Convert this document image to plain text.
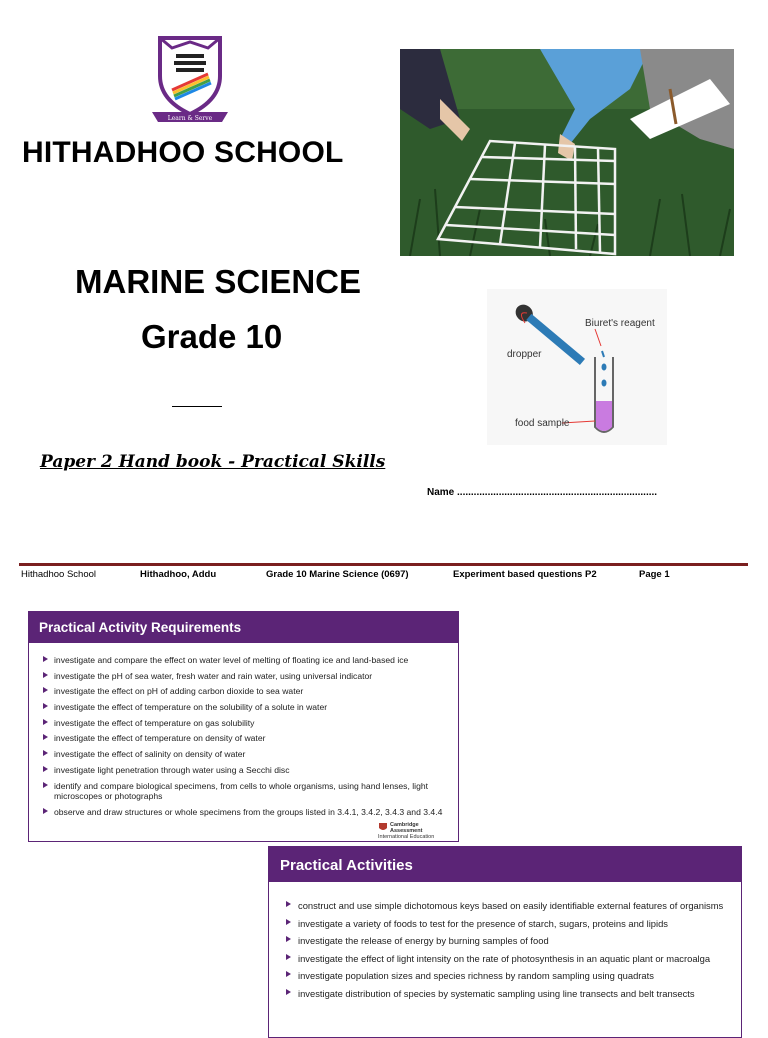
Learn & Serve
HITHADHOO SCHOOL
MARINE SCIENCE
Grade 10	Biuret's reagent
dropper
food sample
Paper 2 Hand book - Practical Skills
Name ........................................................................
Hithadhoo School	Hithadhoo, Addu	Grade 10 Marine Science (0697)	Experiment based questions P2	Page 1
Practical Activity Requirements
investigate and compare the effect on water level of melting of floating ice and land-based ice
investigate the pH of sea water, fresh water and rain water, using universal indicator
investigate the effect on pH of adding carbon dioxide to sea water
investigate the effect of temperature on the solubility of a solute in water
investigate the effect of temperature on gas solubility
investigate the effect of temperature on density of water
investigate the effect of salinity on density of water
investigate light penetration through water using a Secchi disc
identify and compare biological specimens, from cells to whole organisms, using hand lenses, light microscopes or photographs
observe and draw structures or whole specimens from the groups listed in 3.4.1, 3.4.2, 3.4.3 and 3.4.4
Cambridge Assessment
International Education
Practical Activities
construct and use simple dichotomous keys based on easily identifiable external features of organisms
investigate a variety of foods to test for the presence of starch, sugars, proteins and lipids
investigate the release of energy by burning samples of food
investigate the effect of light intensity on the rate of photosynthesis in an aquatic plant or macroalga
investigate population sizes and species richness by random sampling using quadrats
investigate distribution of species by systematic sampling using line transects and belt transects
